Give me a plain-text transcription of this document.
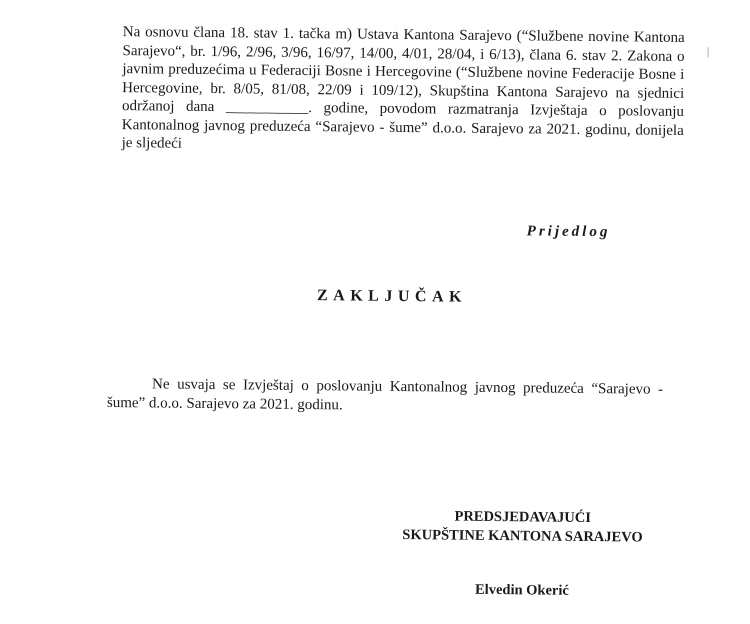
Na osnovu člana 18. stav 1. tačka m) Ustava Kantona Sarajevo (“Službene novine Kantona Sarajevo“, br. 1/96, 2/96, 3/96, 16/97, 14/00, 4/01, 28/04, i 6/13), člana 6. stav 2. Zakona o javnim preduzećima u Federaciji Bosne i Hercegovine (“Službene novine Federacije Bosne i Hercegovine, br. 8/05, 81/08, 22/09 i 109/12), Skupština Kantona Sarajevo na sjednici održanoj dana ___________. godine, povodom razmatranja Izvještaja o poslovanju Kantonalnog javnog preduzeća “Sarajevo - šume” d.o.o. Sarajevo za 2021. godinu, donijela je sljedeći

Prijedlog

ZAKLJUČAK

Ne usvaja se Izvještaj o poslovanju Kantonalnog javnog preduzeća “Sarajevo - šume” d.o.o. Sarajevo za 2021. godinu.

PREDSJEDAVAJUĆI
SKUPŠTINE KANTONA SARAJEVO
Elvedin Okerić
